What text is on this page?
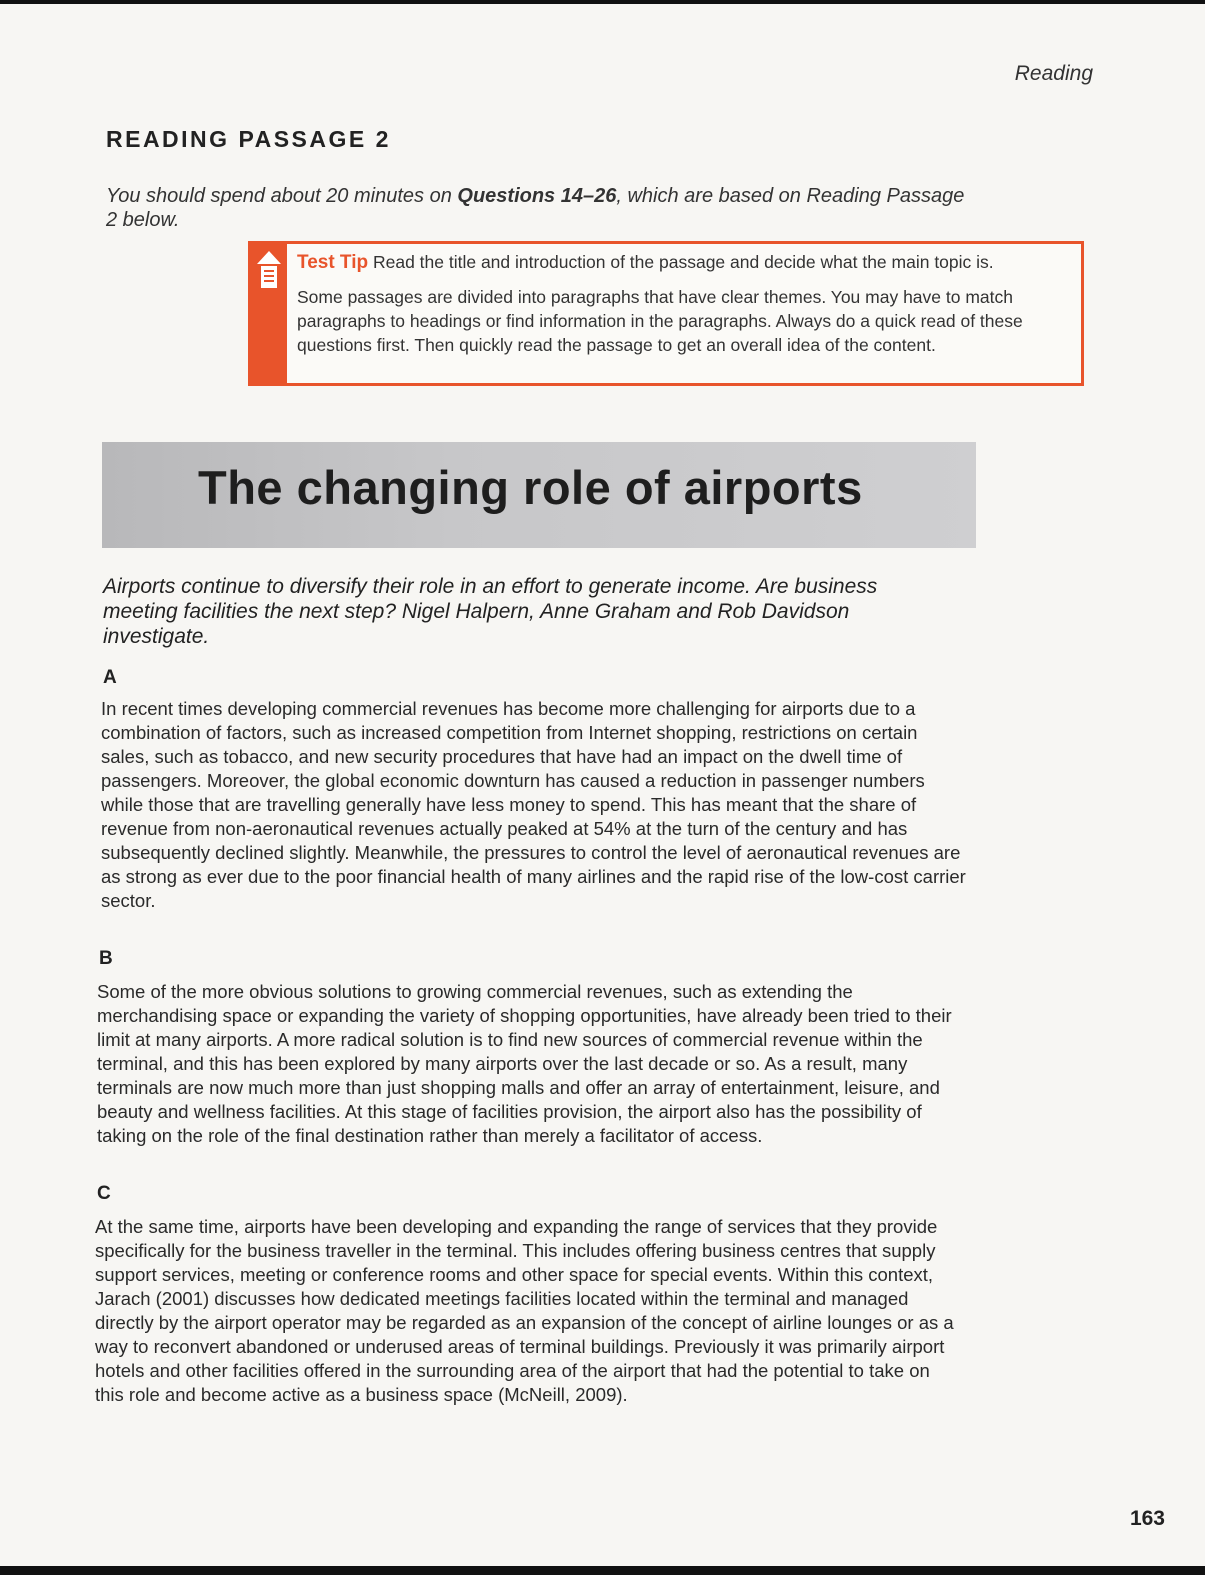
Reading
READING PASSAGE 2
You should spend about 20 minutes on Questions 14–26, which are based on Reading Passage 2 below.

Test Tip Read the title and introduction of the passage and decide what the main topic is.

Some passages are divided into paragraphs that have clear themes. You may have to match paragraphs to headings or find information in the paragraphs. Always do a quick read of these questions first. Then quickly read the passage to get an overall idea of the content.

The changing role of airports
Airports continue to diversify their role in an effort to generate income. Are business meeting facilities the next step? Nigel Halpern, Anne Graham and Rob Davidson investigate.
A
In recent times developing commercial revenues has become more challenging for airports due to a combination of factors, such as increased competition from Internet shopping, restrictions on certain sales, such as tobacco, and new security procedures that have had an impact on the dwell time of passengers. Moreover, the global economic downturn has caused a reduction in passenger numbers while those that are travelling generally have less money to spend. This has meant that the share of revenue from non-aeronautical revenues actually peaked at 54% at the turn of the century and has subsequently declined slightly. Meanwhile, the pressures to control the level of aeronautical revenues are as strong as ever due to the poor financial health of many airlines and the rapid rise of the low-cost carrier sector.
B
Some of the more obvious solutions to growing commercial revenues, such as extending the merchandising space or expanding the variety of shopping opportunities, have already been tried to their limit at many airports. A more radical solution is to find new sources of commercial revenue within the terminal, and this has been explored by many airports over the last decade or so. As a result, many terminals are now much more than just shopping malls and offer an array of entertainment, leisure, and beauty and wellness facilities. At this stage of facilities provision, the airport also has the possibility of taking on the role of the final destination rather than merely a facilitator of access.
C
At the same time, airports have been developing and expanding the range of services that they provide specifically for the business traveller in the terminal. This includes offering business centres that supply support services, meeting or conference rooms and other space for special events. Within this context, Jarach (2001) discusses how dedicated meetings facilities located within the terminal and managed directly by the airport operator may be regarded as an expansion of the concept of airline lounges or as a way to reconvert abandoned or underused areas of terminal buildings. Previously it was primarily airport hotels and other facilities offered in the surrounding area of the airport that had the potential to take on this role and become active as a business space (McNeill, 2009).
163
